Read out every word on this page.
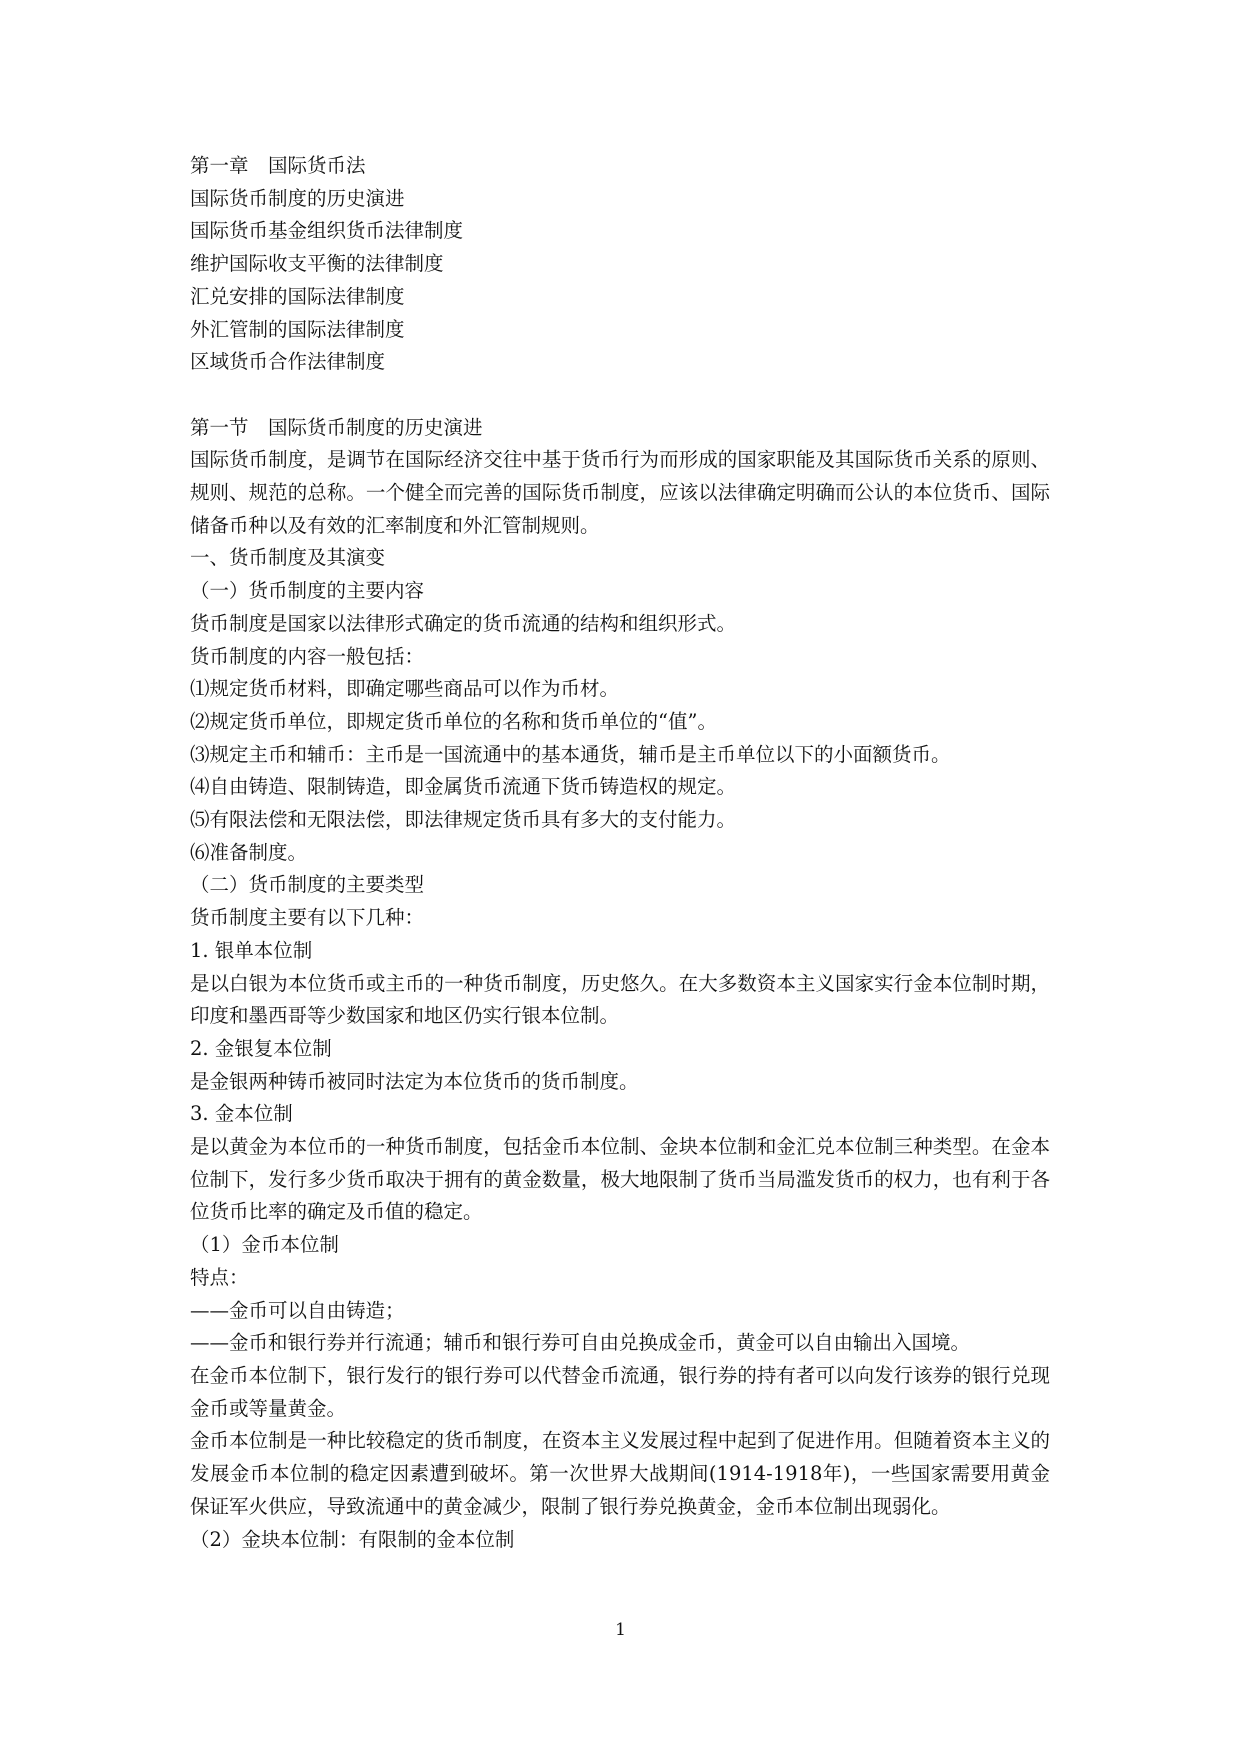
第一章　国际货币法
国际货币制度的历史演进
国际货币基金组织货币法律制度
维护国际收支平衡的法律制度
汇兑安排的国际法律制度
外汇管制的国际法律制度
区域货币合作法律制度
第一节　国际货币制度的历史演进
国际货币制度，是调节在国际经济交往中基于货币行为而形成的国家职能及其国际货币关系的原则、规则、规范的总称。一个健全而完善的国际货币制度，应该以法律确定明确而公认的本位货币、国际储备币种以及有效的汇率制度和外汇管制规则。
一、货币制度及其演变
（一）货币制度的主要内容
货币制度是国家以法律形式确定的货币流通的结构和组织形式。
货币制度的内容一般包括：
⑴规定货币材料，即确定哪些商品可以作为币材。
⑵规定货币单位，即规定货币单位的名称和货币单位的“值”。
⑶规定主币和辅币：主币是一国流通中的基本通货，辅币是主币单位以下的小面额货币。
⑷自由铸造、限制铸造，即金属货币流通下货币铸造权的规定。
⑸有限法偿和无限法偿，即法律规定货币具有多大的支付能力。
⑹准备制度。
（二）货币制度的主要类型
货币制度主要有以下几种：
1. 银单本位制
是以白银为本位货币或主币的一种货币制度，历史悠久。在大多数资本主义国家实行金本位制时期，印度和墨西哥等少数国家和地区仍实行银本位制。
2. 金银复本位制
是金银两种铸币被同时法定为本位货币的货币制度。
3. 金本位制
是以黄金为本位币的一种货币制度，包括金币本位制、金块本位制和金汇兑本位制三种类型。在金本位制下，发行多少货币取决于拥有的黄金数量，极大地限制了货币当局滥发货币的权力，也有利于各位货币比率的确定及币值的稳定。
（1）金币本位制
特点：
——金币可以自由铸造；
——金币和银行券并行流通；辅币和银行券可自由兑换成金币，黄金可以自由输出入国境。
在金币本位制下，银行发行的银行券可以代替金币流通，银行券的持有者可以向发行该券的银行兑现金币或等量黄金。
金币本位制是一种比较稳定的货币制度，在资本主义发展过程中起到了促进作用。但随着资本主义的发展金币本位制的稳定因素遭到破坏。第一次世界大战期间(1914-1918年)，一些国家需要用黄金保证军火供应，导致流通中的黄金减少，限制了银行券兑换黄金，金币本位制出现弱化。
（2）金块本位制：有限制的金本位制
1
